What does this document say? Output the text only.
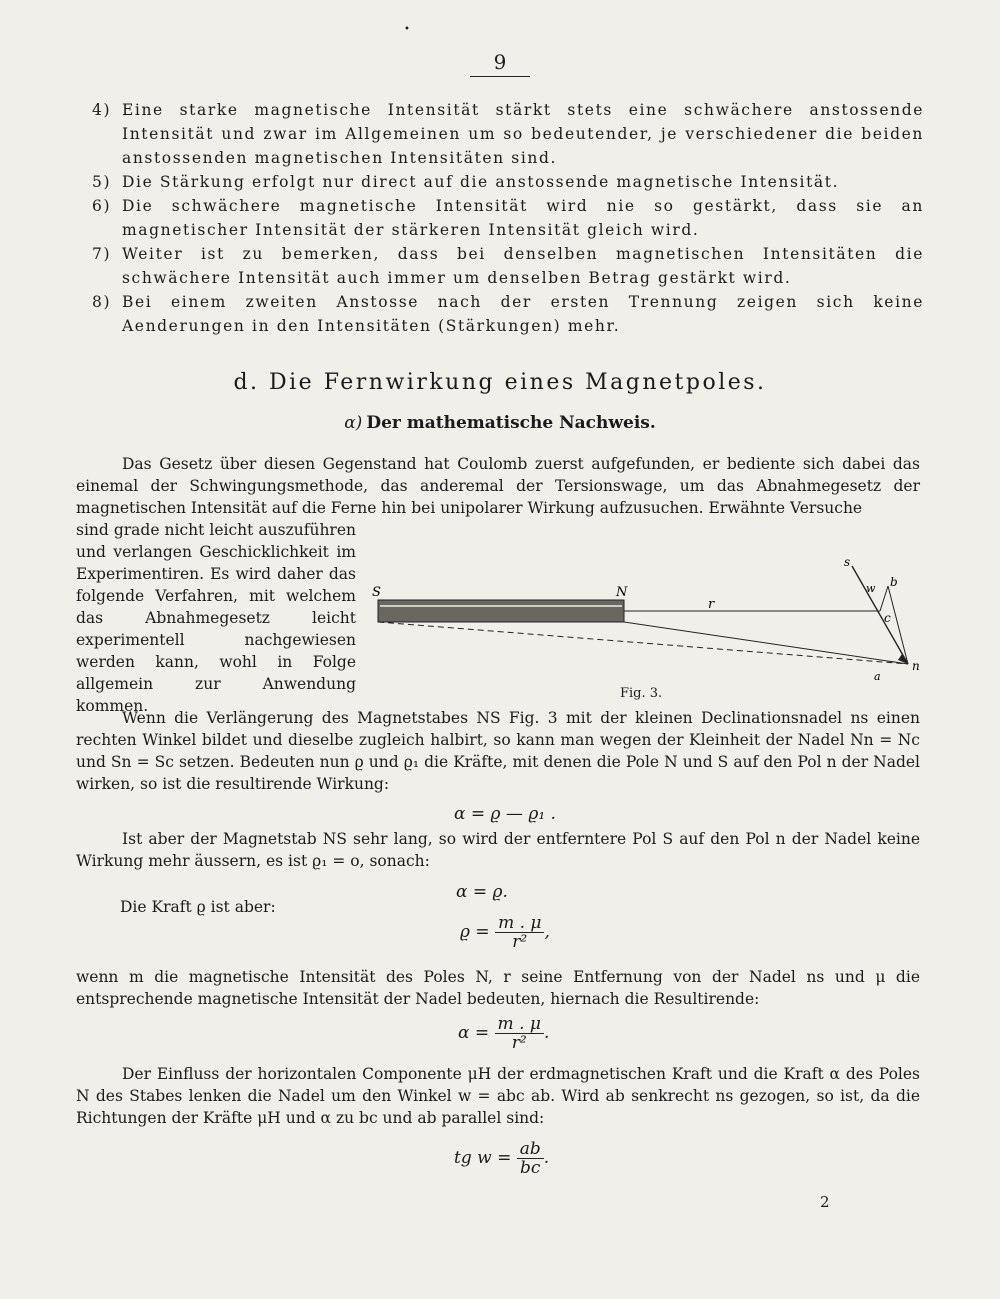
•
9
4) Eine starke magnetische Intensität stärkt stets eine schwächere anstossende Intensität und zwar im Allgemeinen um so bedeutender, je verschiedener die beiden anstossenden magnetischen Intensitäten sind.
5) Die Stärkung erfolgt nur direct auf die anstossende magnetische Intensität.
6) Die schwächere magnetische Intensität wird nie so gestärkt, dass sie an magnetischer Intensität der stärkeren Intensität gleich wird.
7) Weiter ist zu bemerken, dass bei denselben magnetischen Intensitäten die schwächere Intensität auch immer um denselben Betrag gestärkt wird.
8) Bei einem zweiten Anstosse nach der ersten Trennung zeigen sich keine Aenderungen in den Intensitäten (Stärkungen) mehr.
d. Die Fernwirkung eines Magnetpoles.
α) Der mathematische Nachweis.

Das Gesetz über diesen Gegenstand hat Coulomb zuerst aufgefunden, er bediente sich dabei das einemal der Schwingungsmethode, das anderemal der Tersionswage, um das Abnahmegesetz der magnetischen Intensität auf die Ferne hin bei unipolarer Wirkung aufzusuchen. Erwähnte Versuche

sind grade nicht leicht auszuführen und verlangen Geschicklichkeit im Experimentiren. Es wird daher das folgende Verfahren, mit welchem das Abnahmegesetz leicht experimentell nachgewiesen werden kann, wohl in Folge allgemein zur Anwendung kommen.

S	N
r
s
b
w
c
n
a
Fig. 3.

Wenn die Verlängerung des Magnetstabes NS Fig. 3 mit der kleinen Declinationsnadel ns einen rechten Winkel bildet und dieselbe zugleich halbirt, so kann man wegen der Kleinheit der Nadel Nn = Nc und Sn = Sc setzen. Bedeuten nun ϱ und ϱ₁ die Kräfte, mit denen die Pole N und S auf den Pol n der Nadel wirken, so ist die resultirende Wirkung:

α = ϱ — ϱ₁ .

Ist aber der Magnetstab NS sehr lang, so wird der entferntere Pol S auf den Pol n der Nadel keine Wirkung mehr äussern, es ist ϱ₁ = o, sonach:

α = ϱ.
Die Kraft ϱ ist aber:
$ϱ = \frac{m . \mu}{\text{r²}}$ ,

wenn m die magnetische Intensität des Poles N, r seine Entfernung von der Nadel ns und μ die entsprechende magnetische Intensität der Nadel bedeuten, hiernach die Resultirende:

$\alpha = \frac{m . \mu}{\text{r²}}$ .

Der Einfluss der horizontalen Componente μH der erdmagnetischen Kraft und die Kraft α des Poles N des Stabes lenken die Nadel um den Winkel w = abc ab. Wird ab senkrecht ns gezogen, so ist, da die Richtungen der Kräfte μH und α zu bc und ab parallel sind:

tg $w = \frac{ab}{bc}$ .
2
